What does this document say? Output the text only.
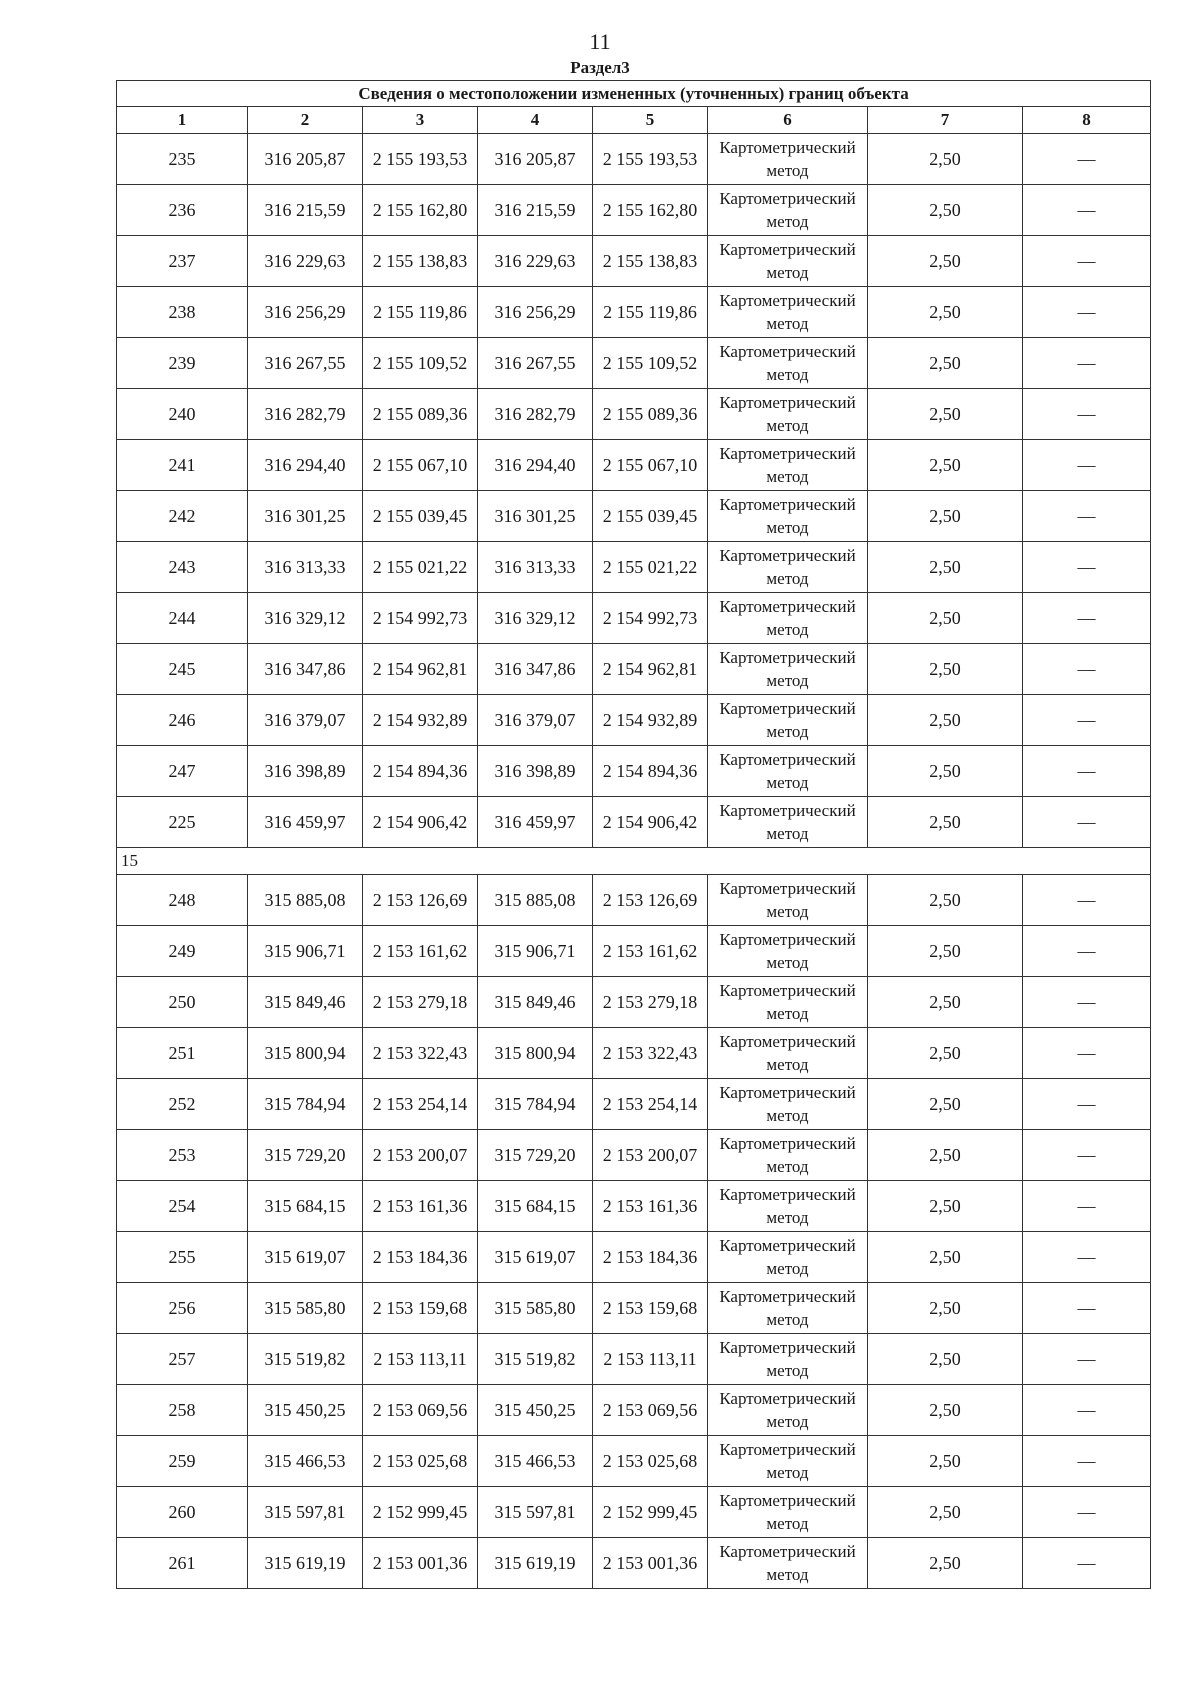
11
Раздел3
Сведения о местоположении измененных (уточненных) границ объекта							
1	2	3	4	5	6	7	8
235	316 205,87	2 155 193,53	316 205,87	2 155 193,53	Картометрический метод	2,50	—
236	316 215,59	2 155 162,80	316 215,59	2 155 162,80	Картометрический метод	2,50	—
237	316 229,63	2 155 138,83	316 229,63	2 155 138,83	Картометрический метод	2,50	—
238	316 256,29	2 155 119,86	316 256,29	2 155 119,86	Картометрический метод	2,50	—
239	316 267,55	2 155 109,52	316 267,55	2 155 109,52	Картометрический метод	2,50	—
240	316 282,79	2 155 089,36	316 282,79	2 155 089,36	Картометрический метод	2,50	—
241	316 294,40	2 155 067,10	316 294,40	2 155 067,10	Картометрический метод	2,50	—
242	316 301,25	2 155 039,45	316 301,25	2 155 039,45	Картометрический метод	2,50	—
243	316 313,33	2 155 021,22	316 313,33	2 155 021,22	Картометрический метод	2,50	—
244	316 329,12	2 154 992,73	316 329,12	2 154 992,73	Картометрический метод	2,50	—
245	316 347,86	2 154 962,81	316 347,86	2 154 962,81	Картометрический метод	2,50	—
246	316 379,07	2 154 932,89	316 379,07	2 154 932,89	Картометрический метод	2,50	—
247	316 398,89	2 154 894,36	316 398,89	2 154 894,36	Картометрический метод	2,50	—
225	316 459,97	2 154 906,42	316 459,97	2 154 906,42	Картометрический метод	2,50	—
15							
248	315 885,08	2 153 126,69	315 885,08	2 153 126,69	Картометрический метод	2,50	—
249	315 906,71	2 153 161,62	315 906,71	2 153 161,62	Картометрический метод	2,50	—
250	315 849,46	2 153 279,18	315 849,46	2 153 279,18	Картометрический метод	2,50	—
251	315 800,94	2 153 322,43	315 800,94	2 153 322,43	Картометрический метод	2,50	—
252	315 784,94	2 153 254,14	315 784,94	2 153 254,14	Картометрический метод	2,50	—
253	315 729,20	2 153 200,07	315 729,20	2 153 200,07	Картометрический метод	2,50	—
254	315 684,15	2 153 161,36	315 684,15	2 153 161,36	Картометрический метод	2,50	—
255	315 619,07	2 153 184,36	315 619,07	2 153 184,36	Картометрический метод	2,50	—
256	315 585,80	2 153 159,68	315 585,80	2 153 159,68	Картометрический метод	2,50	—
257	315 519,82	2 153 113,11	315 519,82	2 153 113,11	Картометрический метод	2,50	—
258	315 450,25	2 153 069,56	315 450,25	2 153 069,56	Картометрический метод	2,50	—
259	315 466,53	2 153 025,68	315 466,53	2 153 025,68	Картометрический метод	2,50	—
260	315 597,81	2 152 999,45	315 597,81	2 152 999,45	Картометрический метод	2,50	—
261	315 619,19	2 153 001,36	315 619,19	2 153 001,36	Картометрический метод	2,50	—
